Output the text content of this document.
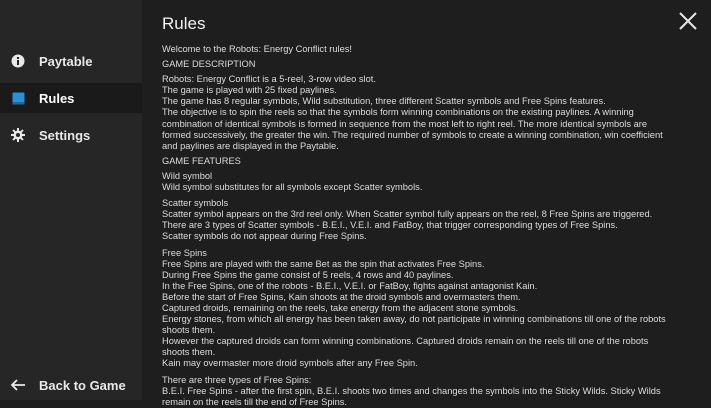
Paytable
Rules
Settings
Back to Game
Rules

Welcome to the Robots: Energy Conflict rules!

GAME DESCRIPTION

Robots: Energy Conflict is a 5-reel, 3-row video slot.

The game is played with 25 fixed paylines.

The game has 8 regular symbols, Wild substitution, three different Scatter symbols and Free Spins features.

The objective is to spin the reels so that the symbols form winning combinations on the existing paylines. A winning

combination of identical symbols is formed in sequence from the most left to right reel. The more identical symbols are

formed successively, the greater the win. The required number of symbols to create a winning combination, win coefficient

and paylines are displayed in the Paytable.

GAME FEATURES

Wild symbol

Wild symbol substitutes for all symbols except Scatter symbols.

Scatter symbols

Scatter symbol appears on the 3rd reel only. When Scatter symbol fully appears on the reel, 8 Free Spins are triggered.

There are 3 types of Scatter symbols - B.E.I., V.E.I. and FatBoy, that trigger corresponding types of Free Spins.

Scatter symbols do not appear during Free Spins.

Free Spins

Free Spins are played with the same Bet as the spin that activates Free Spins.

During Free Spins the game consist of 5 reels, 4 rows and 40 paylines.

In the Free Spins, one of the robots - B.E.I., V.E.I. or FatBoy, fights against antagonist Kain.

Before the start of Free Spins, Kain shoots at the droid symbols and overmasters them.

Captured droids, remaining on the reels, take energy from the adjacent stone symbols.

Energy stones, from which all energy has been taken away, do not participate in winning combinations till one of the robots

shoots them.

However the captured droids can form winning combinations. Captured droids remain on the reels till one of the robots

shoots them.

Kain may overmaster more droid symbols after any Free Spin.

There are three types of Free Spins:

B.E.I. Free Spins - after the first spin, B.E.I. shoots two times and changes the symbols into the Sticky Wilds. Sticky Wilds

remain on the reels till the end of Free Spins.
